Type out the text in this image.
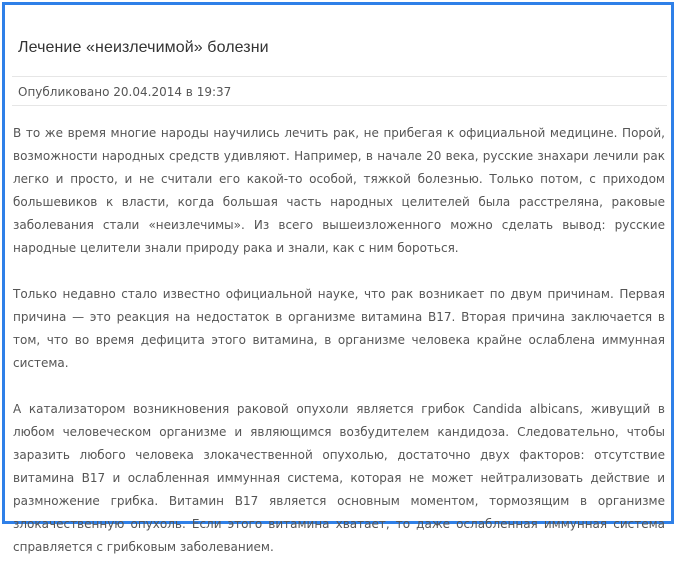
Лечение «неизлечимой» болезни
Опубликовано 20.04.2014 в 19:37

В то же время многие народы научились лечить рак, не прибегая к официальной медицине. Порой, возможности народных средств удивляют. Например, в начале 20 века, русские знахари лечили рак легко и просто, и не считали его какой-то особой, тяжкой болезнью. Только потом, с приходом большевиков к власти, когда большая часть народных целителей была расстреляна, раковые заболевания стали «неизлечимы». Из всего вышеизложенного можно сделать вывод: русские народные целители знали природу рака и знали, как с ним бороться.

Только недавно стало известно официальной науке, что рак возникает по двум причинам. Первая причина — это реакция на недостаток в организме витамина В17. Вторая причина заключается в том, что во время дефицита этого витамина, в организме человека крайне ослаблена иммунная система.

А катализатором возникновения раковой опухоли является грибок Candida albicans, живущий в любом человеческом организме и являющимся возбудителем кандидоза. Следовательно, чтобы заразить любого человека злокачественной опухолью, достаточно двух факторов: отсутствие витамина В17 и ослабленная иммунная система, которая не может нейтрализовать действие и размножение грибка. Витамин В17 является основным моментом, тормозящим в организме злокачественную опухоль. Если этого витамина хватает, то даже ослабленная иммунная система справляется с грибковым заболеванием.
